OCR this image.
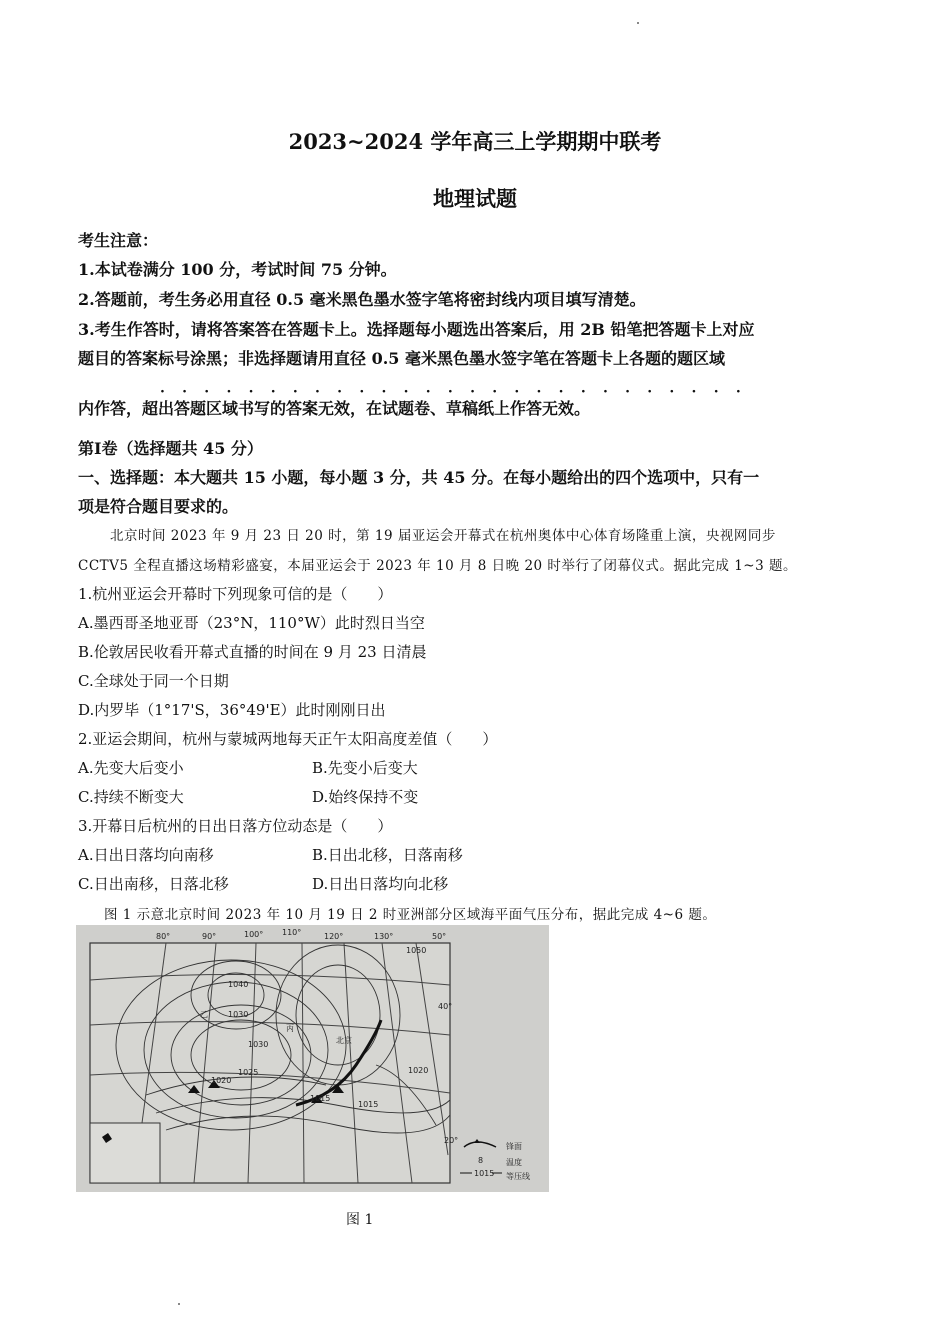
2023~2024 学年高三上学期期中联考
地理试题
考生注意：
1.本试卷满分 100 分，考试时间 75 分钟。
2.答题前，考生务必用直径 0.5 毫米黑色墨水签字笔将密封线内项目填写清楚。
3.考生作答时，请将答案答在答题卡上。选择题每小题选出答案后，用 2B 铅笔把答题卡上对应
题目的答案标号涂黑；非选择题请用直径 0.5 毫米黑色墨水签字笔在答题卡上各题的题区域
· · · · · · · · · · · · · · · · · · · · · · · · · · ·
内作答，超出答题区域书写的答案无效，在试题卷、草稿纸上作答无效。
第Ⅰ卷（选择题共 45 分）
一、选择题：本大题共 15 小题，每小题 3 分，共 45 分。在每小题给出的四个选项中，只有一
项是符合题目要求的。
北京时间 2023 年 9 月 23 日 20 时，第 19 届亚运会开幕式在杭州奥体中心体育场隆重上演，央视网同步
CCTV5 全程直播这场精彩盛宴，本届亚运会于 2023 年 10 月 8 日晚 20 时举行了闭幕仪式。据此完成 1~3 题。
1.杭州亚运会开幕时下列现象可信的是（　　）
A.墨西哥圣地亚哥（23°N，110°W）此时烈日当空
B.伦敦居民收看开幕式直播的时间在 9 月 23 日清晨
C.全球处于同一个日期
D.内罗毕（1°17'S，36°49'E）此时刚刚日出
2.亚运会期间，杭州与蒙城两地每天正午太阳高度差值（　　）
A.先变大后变小	B.先变小后变大
C.持续不断变大	D.始终保持不变
3.开幕日后杭州的日出日落方位动态是（　　）
A.日出日落均向南移	B.日出北移，日落南移
C.日出南移，日落北移	D.日出日落均向北移
图 1 示意北京时间 2023 年 10 月 19 日 2 时亚洲部分区域海平面气压分布，据此完成 4~6 题。
80°	90°	100° 110°	120°	130°	50°
40°
20°
1040
1030
1030
1025
1020
1015
1015
1020
1050
乙
丙
北京
锋面
8	温度
1015 等压线
图 1
